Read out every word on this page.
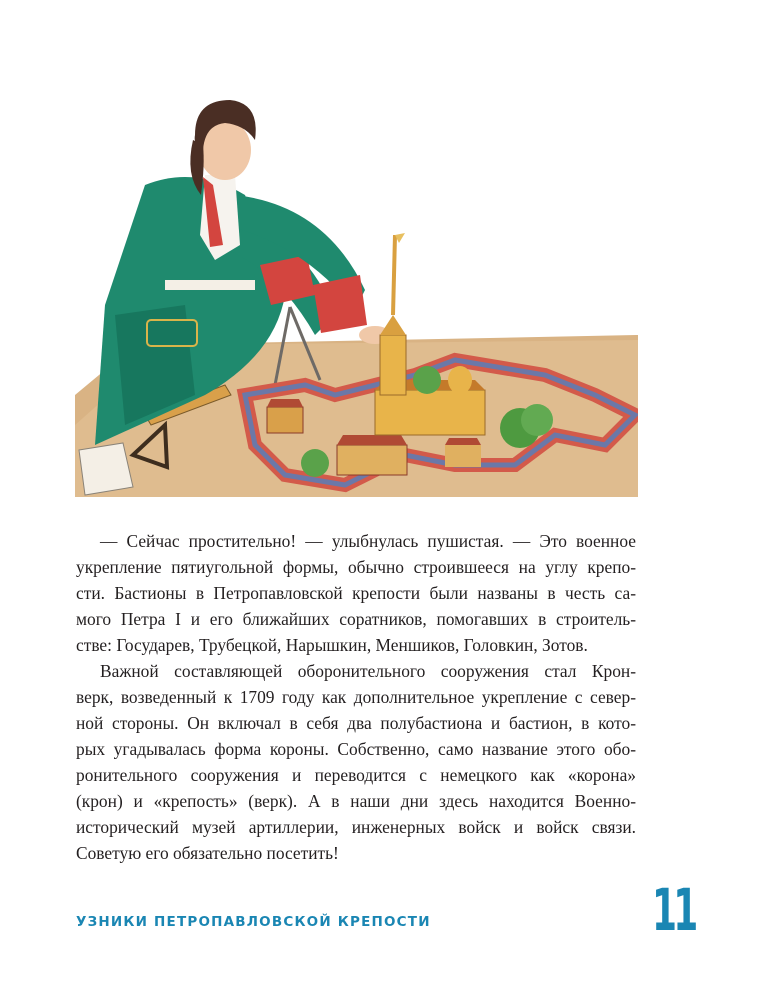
— Сейчас простительно! — улыбнулась пушистая. — Это военное
укрепление пятиугольной формы, обычно строившееся на углу крепо-
сти. Бастионы в Петропавловской крепости были названы в честь са-
мого Петра I и его ближайших соратников, помогавших в строитель-
стве: Государев, Трубецкой, Нарышкин, Меншиков, Головкин, Зотов.

Важной составляющей оборонительного сооружения стал Крон-
верк, возведенный к 1709 году как дополнительное укрепление с север-
ной стороны. Он включал в себя два полубастиона и бастион, в кото-
рых угадывалась форма короны. Собственно, само название этого обо-
ронительного сооружения и переводится с немецкого как «корона»
(крон) и «крепость» (верк). А в наши дни здесь находится Военно-
исторический музей артиллерии, инженерных войск и войск связи.
Советую его обязательно посетить!

УЗНИКИ ПЕТРОПАВЛОВСКОЙ КРЕПОСТИ	11
